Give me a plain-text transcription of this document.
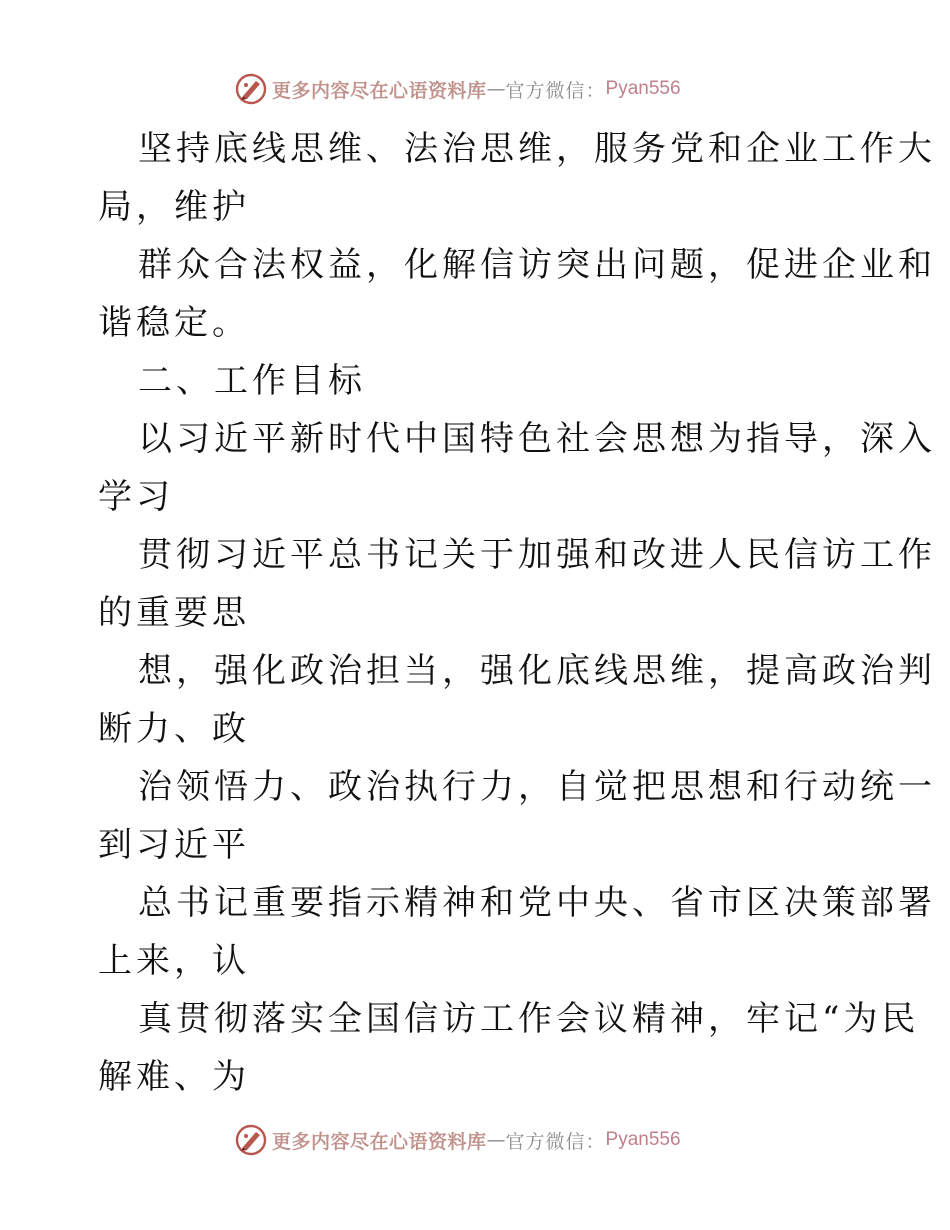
更多内容尽在心语资料库 — 官方微信： Pyan556
坚持底线思维、法治思维，服务党和企业工作大
局，维护
群众合法权益，化解信访突出问题，促进企业和
谐稳定。
二、工作目标
以习近平新时代中国特色社会思想为指导，深入
学习
贯彻习近平总书记关于加强和改进人民信访工作
的重要思
想，强化政治担当，强化底线思维，提高政治判
断力、政
治领悟力、政治执行力，自觉把思想和行动统一
到习近平
总书记重要指示精神和党中央、省市区决策部署
上来，认
真贯彻落实全国信访工作会议精神，牢记“为民
解难、为
更多内容尽在心语资料库 — 官方微信： Pyan556
